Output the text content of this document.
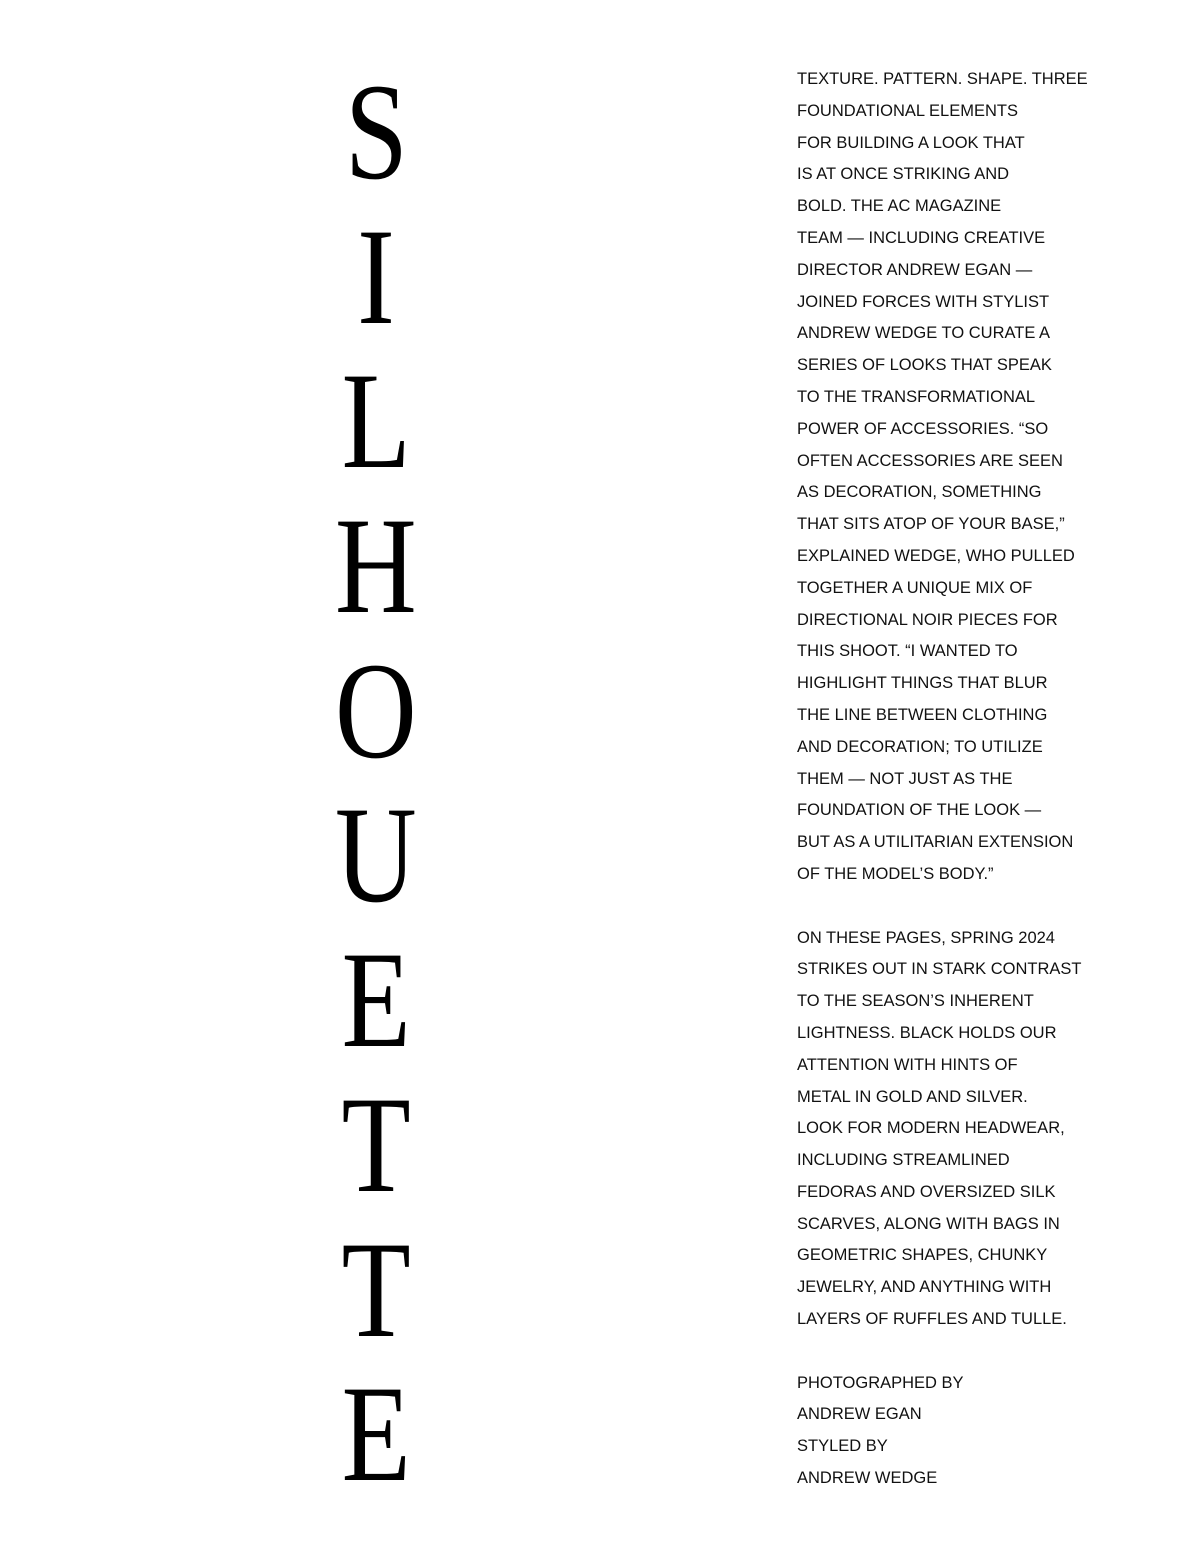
S
I
L
H
O
U
E
T
T
E
TEXTURE. PATTERN. SHAPE. THREE
FOUNDATIONAL ELEMENTS
FOR BUILDING A LOOK THAT
IS AT ONCE STRIKING AND
BOLD. THE AC MAGAZINE
TEAM — INCLUDING CREATIVE
DIRECTOR ANDREW EGAN —
JOINED FORCES WITH STYLIST
ANDREW WEDGE TO CURATE A
SERIES OF LOOKS THAT SPEAK
TO THE TRANSFORMATIONAL
POWER OF ACCESSORIES. “SO
OFTEN ACCESSORIES ARE SEEN
AS DECORATION, SOMETHING
THAT SITS ATOP OF YOUR BASE,”
EXPLAINED WEDGE, WHO PULLED
TOGETHER A UNIQUE MIX OF
DIRECTIONAL NOIR PIECES FOR
THIS SHOOT. “I WANTED TO
HIGHLIGHT THINGS THAT BLUR
THE LINE BETWEEN CLOTHING
AND DECORATION; TO UTILIZE
THEM — NOT JUST AS THE
FOUNDATION OF THE LOOK —
BUT AS A UTILITARIAN EXTENSION
OF THE MODEL’S BODY.”
ON THESE PAGES, SPRING 2024
STRIKES OUT IN STARK CONTRAST
TO THE SEASON’S INHERENT
LIGHTNESS. BLACK HOLDS OUR
ATTENTION WITH HINTS OF
METAL IN GOLD AND SILVER.
LOOK FOR MODERN HEADWEAR,
INCLUDING STREAMLINED
FEDORAS AND OVERSIZED SILK
SCARVES, ALONG WITH BAGS IN
GEOMETRIC SHAPES, CHUNKY
JEWELRY, AND ANYTHING WITH
LAYERS OF RUFFLES AND TULLE.
PHOTOGRAPHED BY
ANDREW EGAN
STYLED BY
ANDREW WEDGE
